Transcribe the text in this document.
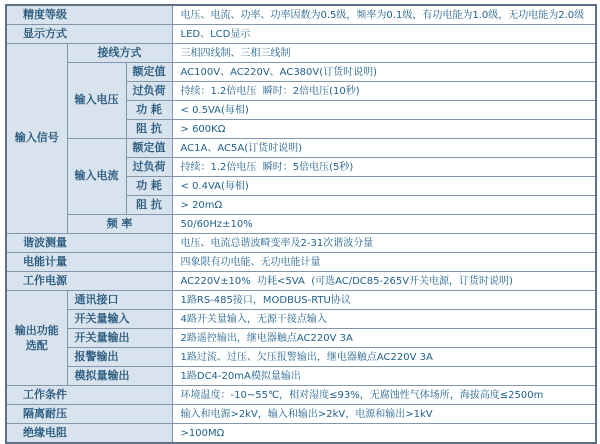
精度等级			电压、电流、功率、功率因数为0.5级，频率为0.1级，有功电能为1.0级，无功电能为2.0级
显示方式			LED、LCD显示
输入信号	接线方式		三相四线制、三相三线制
	输入电压	额定值	AC100V、AC220V、AC380V(订货时说明)
		过负荷	持续：1.2倍电压  瞬时：2倍电压(10秒)
		功 耗	< 0.5VA(每相)
		阻 抗	> 600KΩ
	输入电流	额定值	AC1A、AC5A(订货时说明)
		过负荷	持续：1.2倍电压  瞬时：5倍电压(5秒)
		功 耗	< 0.4VA(每相)
		阻 抗	> 20mΩ
	频 率		50/60Hz±10%
谐波测量			电压、电流总谐波畸变率及2-31次谐波分量
电能计量			四象限有功电能、无功电能计量
工作电源			AC220V±10%  功耗<5VA  (可选AC/DC85-265V开关电源，订货时说明)
输出功能选配	通讯接口		1路RS-485接口，MODBUS-RTU协议
	开关量输入		4路开关量输入，无源干接点输入
	开关量输出		2路遥控输出，继电器触点AC220V 3A
	报警输出		1路过流、过压、欠压报警输出，继电器触点AC220V 3A
	模拟量输出		1路DC4-20mA模拟量输出
工作条件			环境温度：-10~55℃，相对湿度≤93%，无腐蚀性气体场所，海拔高度≤2500m
隔离耐压			输入和电源>2kV，输入和输出>2kV，电源和输出>1kV
绝缘电阻			>100MΩ
